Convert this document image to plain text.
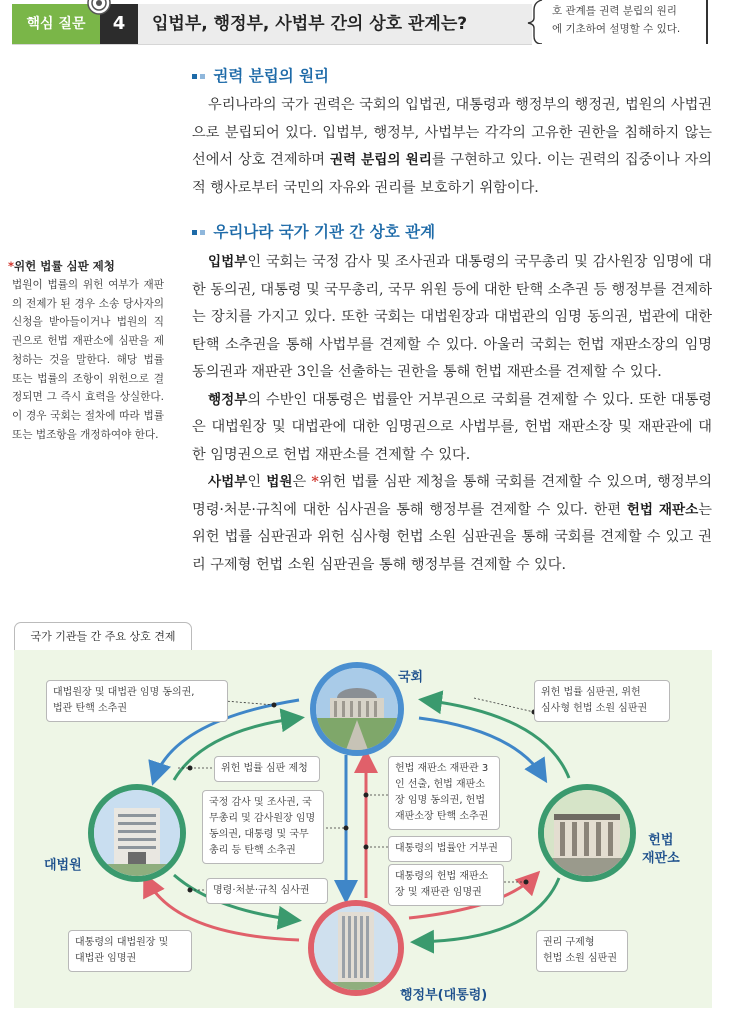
핵심 질문	4	입법부, 행정부, 사법부 간의 상호 관계는?
호 관계를 권력 분립의 원리
에 기초하여 설명할 수 있다.
권력 분립의 원리

우리나라의 국가 권력은 국회의 입법권, 대통령과 행정부의 행정권, 법원의 사법권으로 분립되어 있다. 입법부, 행정부, 사법부는 각각의 고유한 권한을 침해하지 않는 선에서 상호 견제하며 권력 분립의 원리를 구현하고 있다. 이는 권력의 집중이나 자의적 행사로부터 국민의 자유와 권리를 보호하기 위함이다.

우리나라 국가 기관 간 상호 관계

입법부인 국회는 국정 감사 및 조사권과 대통령의 국무총리 및 감사원장 임명에 대한 동의권, 대통령 및 국무총리, 국무 위원 등에 대한 탄핵 소추권 등 행정부를 견제하는 장치를 가지고 있다. 또한 국회는 대법원장과 대법관의 임명 동의권, 법관에 대한 탄핵 소추권을 통해 사법부를 견제할 수 있다. 아울러 국회는 헌법 재판소장의 임명 동의권과 재판관 3인을 선출하는 권한을 통해 헌법 재판소를 견제할 수 있다.

행정부의 수반인 대통령은 법률안 거부권으로 국회를 견제할 수 있다. 또한 대통령은 대법원장 및 대법관에 대한 임명권으로 사법부를, 헌법 재판소장 및 재판관에 대한 임명권으로 헌법 재판소를 견제할 수 있다.

사법부인 법원은 *위헌 법률 심판 제청을 통해 국회를 견제할 수 있으며, 행정부의 명령·처분·규칙에 대한 심사권을 통해 행정부를 견제할 수 있다. 한편 헌법 재판소는 위헌 법률 심판권과 위헌 심사형 헌법 소원 심판권을 통해 국회를 견제할 수 있고 권리 구제형 헌법 소원 심판권을 통해 행정부를 견제할 수 있다.

*위헌 법률 심판 제청
법원이 법률의 위헌 여부가 재판의 전제가 된 경우 소송 당사자의 신청을 받아들이거나 법원의 직권으로 헌법 재판소에 심판을 제청하는 것을 말한다. 해당 법률 또는 법률의 조항이 위헌으로 결정되면 그 즉시 효력을 상실한다. 이 경우 국회는 절차에 따라 법률 또는 법조항을 개정하여야 한다.
국가 기관들 간 주요 상호 견제
국회
대법원
헌법
재판소
행정부(대통령)
대법원장 및 대법관 임명 동의권,
법관 탄핵 소추권
위헌 법률 심판권, 위헌
심사형 헌법 소원 심판권
위헌 법률 심판 제청
국정 감사 및 조사권, 국무총리 및 감사원장 임명 동의권, 대통령 및 국무총리 등 탄핵 소추권
헌법 재판소 재판관 3인 선출, 헌법 재판소장 임명 동의권, 헌법 재판소장 탄핵 소추권
대통령의 법률안 거부권
명령·처분·규칙 심사권
대통령의 헌법 재판소장 및 재판관 임명권
대통령의 대법원장 및
대법관 임명권
권리 구제형
헌법 소원 심판권
